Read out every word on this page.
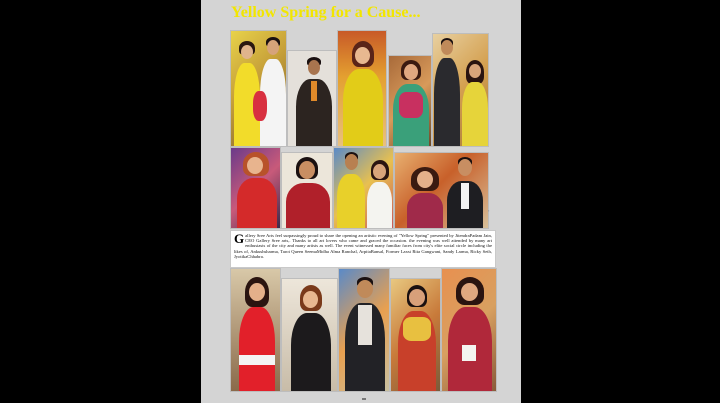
Yellow Spring for a Cause...
▪

Gallery Sree Arts feel surpassingly proud to share the opening an artistic evening of "Yellow Spring" presented by JitendraPadam Jain, CEO Gallery Sree arts,. Thanks to all art lovers who came and graced the occasion. the evening was well attended by many art enthusiasts of the city and many artists as well. The event witnessed many familiar faces from city's elite social circle including the likes of, Ankushsharma, Tarot Queen SeemaMidha Alma Ranchal, ArpitaBansal, Former Laxst Rita Gangwani, Sandy Larma, Ricky Seth, JyotikaChhabra.
